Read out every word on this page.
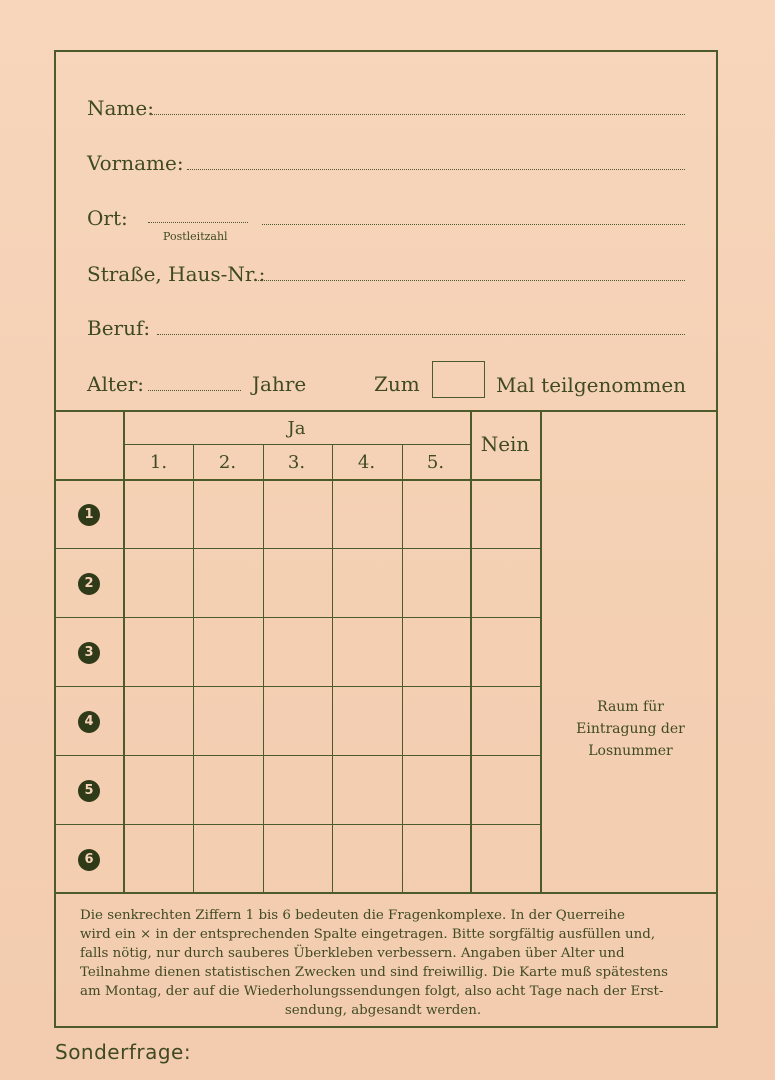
Name:
Vorname:
Ort:
Postleitzahl
Straße, Haus-Nr.:
Beruf:
Alter:	Jahre	Zum	Mal teilgenommen
Ja
Nein
1.	2.	3.	4.	5.
1
2
3
4
5
6
Raum für
Eintragung der
Losnummer
Die senkrechten Ziffern 1 bis 6 bedeuten die Fragenkomplexe. In der Querreihe
wird ein × in der entsprechenden Spalte eingetragen. Bitte sorgfältig ausfüllen und,
falls nötig, nur durch sauberes Überkleben verbessern. Angaben über Alter und
Teilnahme dienen statistischen Zwecken und sind freiwillig. Die Karte muß spätestens
am Montag, der auf die Wiederholungssendungen folgt, also acht Tage nach der Erst-
sendung, abgesandt werden.
Sonderfrage:
